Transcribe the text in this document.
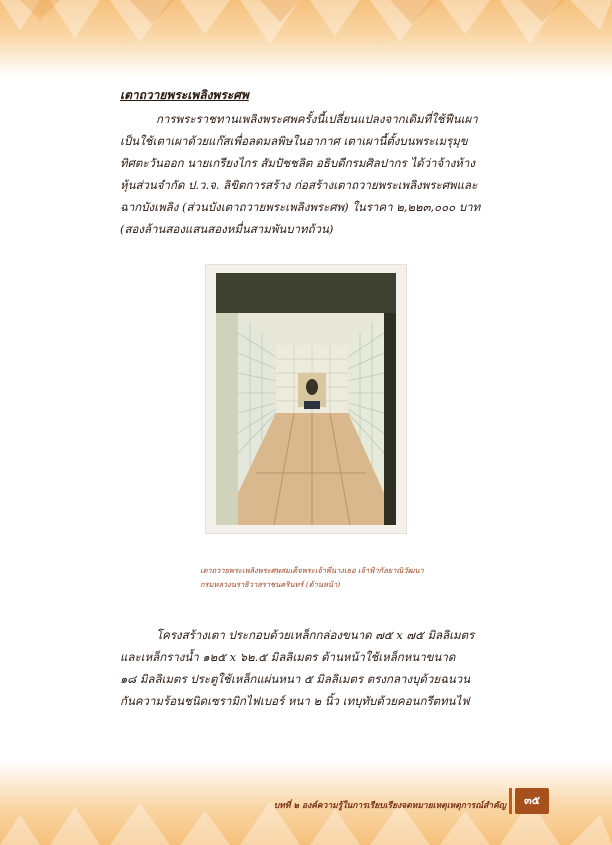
เตาถวายพระเพลิงพระศพ
การพระราชทานเพลิงพระศพครั้งนี้เปลี่ยนแปลงจากเดิมที่ใช้ฟืนเผา
เป็นใช้เตาเผาด้วยแก๊สเพื่อลดมลพิษในอากาศ เตาเผานี้ตั้งบนพระเมรุมุข
ทิศตะวันออก นายเกรียงไกร สัมปัชชลิต อธิบดีกรมศิลปากร ได้ว่าจ้างห้าง
หุ้นส่วนจำกัด ป.ว.จ. ลิขิตการสร้าง ก่อสร้างเตาถวายพระเพลิงพระศพและ
ฉากบังเพลิง (ส่วนบังเตาถวายพระเพลิงพระศพ) ในราคา ๒,๒๒๓,๐๐๐ บาท
(สองล้านสองแสนสองหมื่นสามพันบาทถ้วน)
เตาถวายพระเพลิงพระศพสมเด็จพระเจ้าพี่นางเธอ เจ้าฟ้ากัลยาณิวัฒนา
กรมหลวงนราธิวาสราชนครินทร์ (ด้านหน้า)
โครงสร้างเตา ประกอบด้วยเหล็กกล่องขนาด ๗๕ x ๗๕ มิลลิเมตร
และเหล็กรางน้ำ ๑๒๕ x ๖๒.๕ มิลลิเมตร ด้านหน้าใช้เหล็กหนาขนาด
๑๘ มิลลิเมตร ประตูใช้เหล็กแผ่นหนา ๕ มิลลิเมตร ตรงกลางบุด้วยฉนวน
กันความร้อนชนิดเซรามิกไฟเบอร์ หนา ๒ นิ้ว เทบุทับด้วยคอนกรีตทนไฟ
บทที่ ๒ องค์ความรู้ในการเรียบเรียงจดหมายเหตุเหตุการณ์สำคัญ	๓๕
